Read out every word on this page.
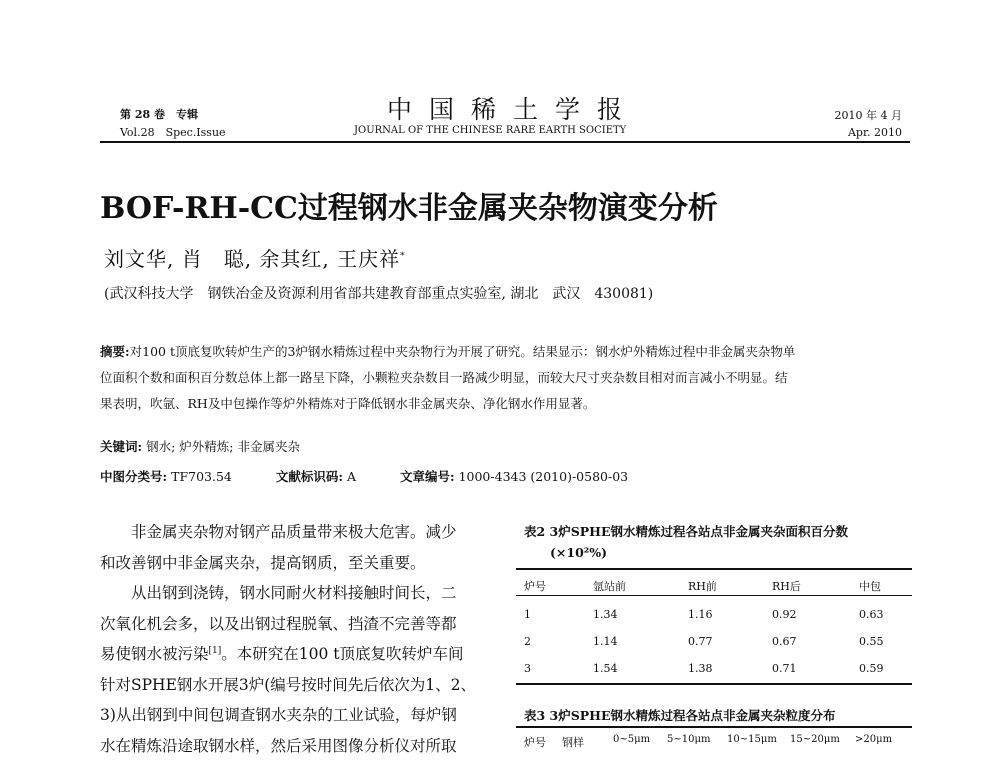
第 28 卷　专辑
Vol.28　Spec.Issue
中国稀土学报
JOURNAL OF THE CHINESE RARE EARTH SOCIETY
2010 年 4 月
Apr. 2010
BOF-RH-CC过程钢水非金属夹杂物演变分析
刘文华, 肖　聪, 余其红, 王庆祥*
(武汉科技大学　钢铁冶金及资源利用省部共建教育部重点实验室, 湖北　武汉　430081)

摘要:对100 t顶底复吹转炉生产的3炉钢水精炼过程中夹杂物行为开展了研究。结果显示：钢水炉外精炼过程中非金属夹杂物单

位面积个数和面积百分数总体上都一路呈下降，小颗粒夹杂数目一路减少明显，而较大尺寸夹杂数目相对而言减小不明显。结

果表明，吹氩、RH及中包操作等炉外精炼对于降低钢水非金属夹杂、净化钢水作用显著。

关键词: 钢水; 炉外精炼; 非金属夹杂
中图分类号: TF703.54	文献标识码: A	文章编号: 1000-4343 (2010)-0580-03

非金属夹杂物对钢产品质量带来极大危害。减少

和改善钢中非金属夹杂，提高钢质，至关重要。

从出钢到浇铸，钢水同耐火材料接触时间长，二

次氧化机会多，以及出钢过程脱氧、挡渣不完善等都

易使钢水被污染[1]。本研究在100 t顶底复吹转炉车间

针对SPHE钢水开展3炉(编号按时间先后依次为1、2、

3)从出钢到中间包调查钢水夹杂的工业试验，每炉钢

水在精炼沿途取钢水样，然后采用图像分析仪对所取

表2 3炉SPHE钢水精炼过程各站点非金属夹杂面积百分数
(×10²%)
炉号	氩站前	RH前	RH后	中包
1	1.34	1.16	0.92	0.63
2	1.14	0.77	0.67	0.55
3	1.54	1.38	0.71	0.59
表3 3炉SPHE钢水精炼过程各站点非金属夹杂粒度分布
炉号 钢样	0~5μm 5~10μm 10~15μm 15~20μm >20μm
